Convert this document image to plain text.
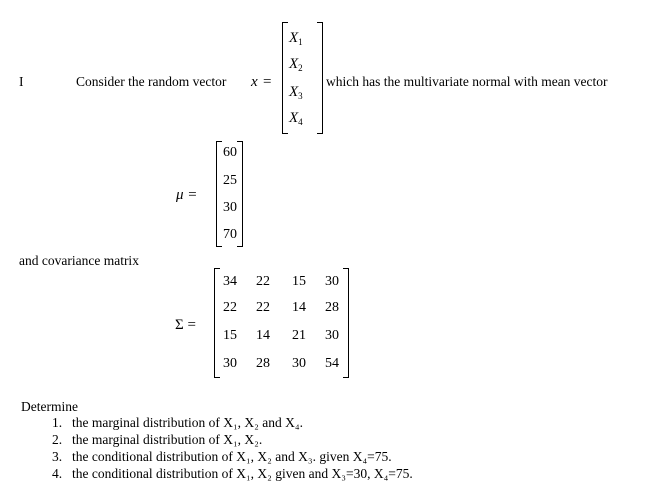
I	Consider the random vector x =
$X_1$
$X_2$
$X_3$
$X_4$
which has the multivariate normal with mean vector
μ =
60
25
30
70
and covariance matrix
Σ =
34	22	15	30
22	22	14	28
15	14	21	30
30	28	30	54
Determine
1. the marginal distribution of X₁, X₂ and X₄.
2. the marginal distribution of X₁, X₂.
3. the conditional distribution of X₁, X₂ and X₃. given X₄=75.
4. the conditional distribution of X₁, X₂ given and X₃=30, X₄=75.
